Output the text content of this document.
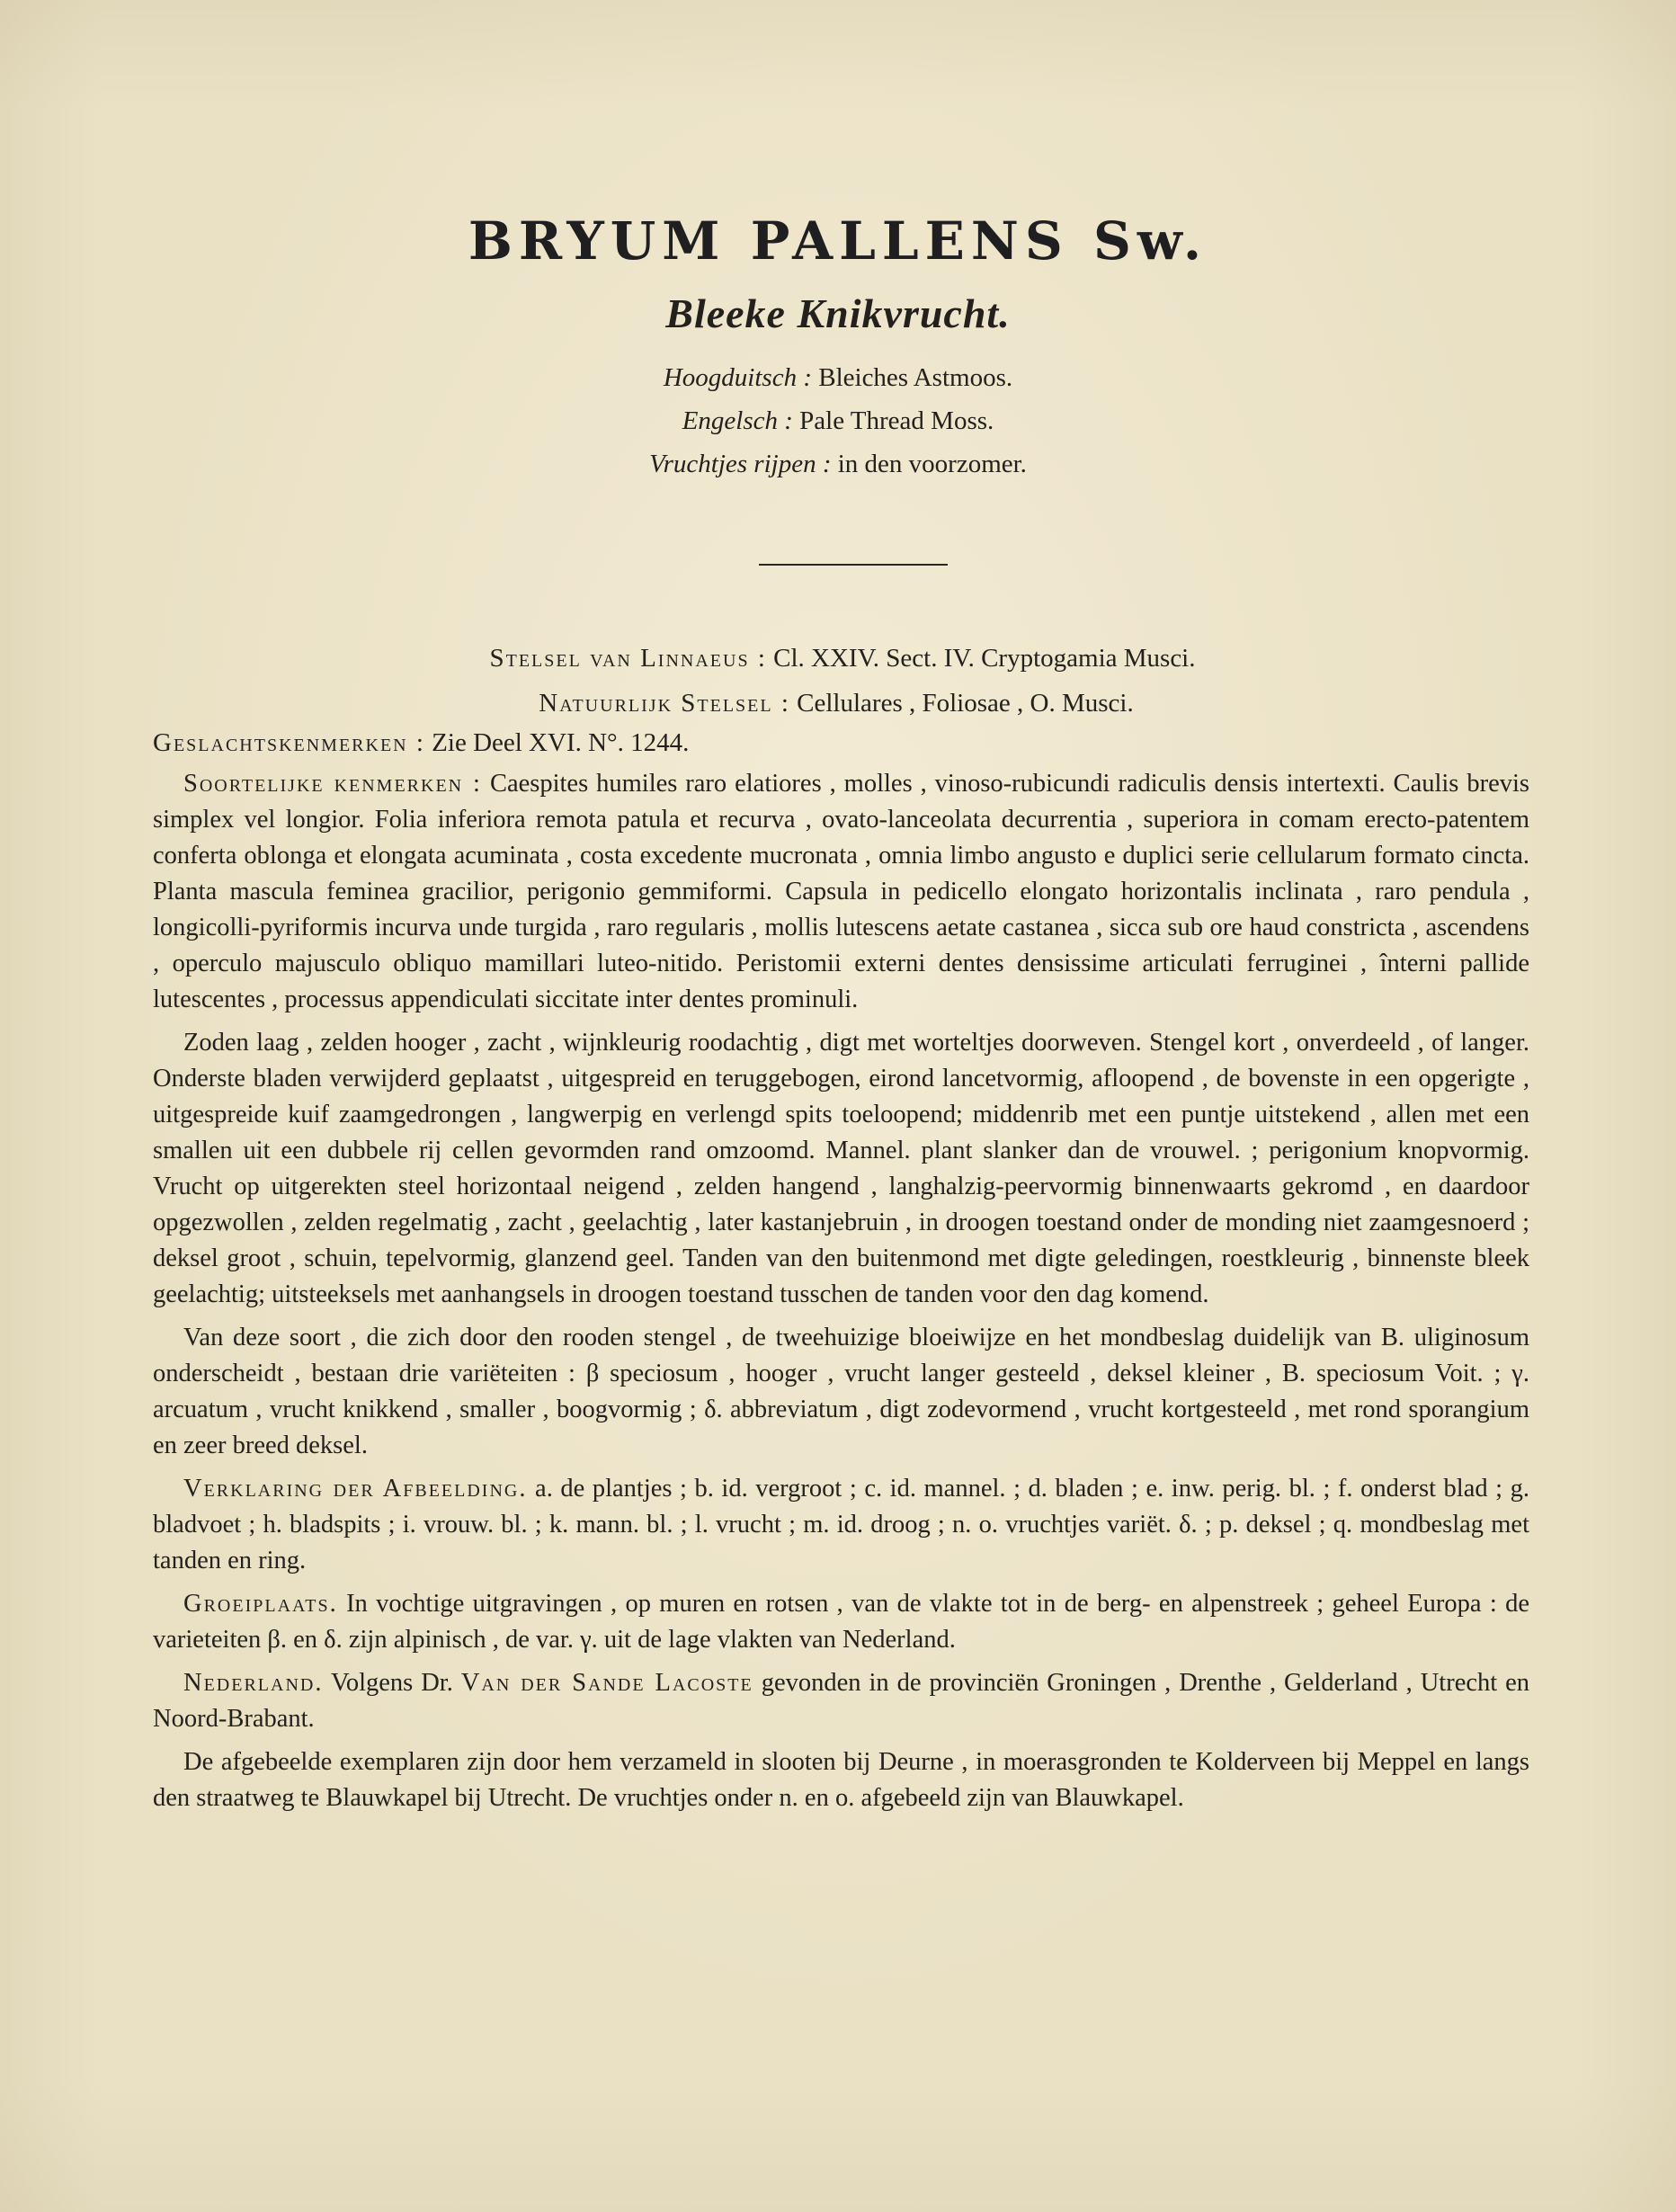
BRYUM PALLENS Sw.
Bleeke Knikvrucht.
Hoogduitsch : Bleiches Astmoos.
Engelsch : Pale Thread Moss.
Vruchtjes rijpen : in den voorzomer.
Stelsel van Linnaeus : Cl. XXIV. Sect. IV. Cryptogamia Musci.
Natuurlijk Stelsel : Cellulares , Foliosae , O. Musci.
Geslachtskenmerken : Zie Deel XVI. N°. 1244.

Soortelijke kenmerken : Caespites humiles raro elatiores , molles , vinoso-rubicundi radiculis densis intertexti. Caulis brevis simplex vel longior. Folia inferiora remota patula et recurva , ovato-lanceolata decurrentia , superiora in comam erecto-patentem conferta oblonga et elongata acuminata , costa excedente mucronata , omnia limbo angusto e duplici serie cellularum formato cincta. Planta mascula feminea gracilior, perigonio gemmiformi. Capsula in pedicello elongato horizontalis inclinata , raro pendula , longicolli-pyriformis incurva unde turgida , raro regularis , mollis lutescens aetate castanea , sicca sub ore haud constricta , ascendens , operculo majusculo obliquo mamillari luteo-nitido. Peristomii externi dentes densissime articulati ferruginei , înterni pallide lutescentes , processus appendiculati siccitate inter dentes prominuli.

Zoden laag , zelden hooger , zacht , wijnkleurig roodachtig , digt met worteltjes doorweven. Stengel kort , onverdeeld , of langer. Onderste bladen verwijderd geplaatst , uitgespreid en teruggebogen, eirond lancetvormig, afloopend , de bovenste in een opgerigte , uitgespreide kuif zaamgedrongen , langwerpig en verlengd spits toeloopend; middenrib met een puntje uitstekend , allen met een smallen uit een dubbele rij cellen gevormden rand omzoomd. Mannel. plant slanker dan de vrouwel. ; perigonium knopvormig. Vrucht op uitgerekten steel horizontaal neigend , zelden hangend , langhalzig-peervormig binnenwaarts gekromd , en daardoor opgezwollen , zelden regelmatig , zacht , geelachtig , later kastanjebruin , in droogen toestand onder de monding niet zaamgesnoerd ; deksel groot , schuin, tepelvormig, glanzend geel. Tanden van den buitenmond met digte geledingen, roestkleurig , binnenste bleek geelachtig; uitsteeksels met aanhangsels in droogen toestand tusschen de tanden voor den dag komend.

Van deze soort , die zich door den rooden stengel , de tweehuizige bloeiwijze en het mondbeslag duidelijk van B. uliginosum onderscheidt , bestaan drie variëteiten : β speciosum , hooger , vrucht langer gesteeld , deksel kleiner , B. speciosum Voit. ; γ. arcuatum , vrucht knikkend , smaller , boogvormig ; δ. abbreviatum , digt zodevormend , vrucht kortgesteeld , met rond sporangium en zeer breed deksel.

Verklaring der Afbeelding. a. de plantjes ; b. id. vergroot ; c. id. mannel. ; d. bladen ; e. inw. perig. bl. ; f. onderst blad ; g. bladvoet ; h. bladspits ; i. vrouw. bl. ; k. mann. bl. ; l. vrucht ; m. id. droog ; n. o. vruchtjes variët. δ. ; p. deksel ; q. mondbeslag met tanden en ring.

Groeiplaats. In vochtige uitgravingen , op muren en rotsen , van de vlakte tot in de berg- en alpenstreek ; geheel Europa : de varieteiten β. en δ. zijn alpinisch , de var. γ. uit de lage vlakten van Nederland.

Nederland. Volgens Dr. Van der Sande Lacoste gevonden in de provinciën Groningen , Drenthe , Gelderland , Utrecht en Noord-Brabant.

De afgebeelde exemplaren zijn door hem verzameld in slooten bij Deurne , in moerasgronden te Kolderveen bij Meppel en langs den straatweg te Blauwkapel bij Utrecht. De vruchtjes onder n. en o. afgebeeld zijn van Blauwkapel.
